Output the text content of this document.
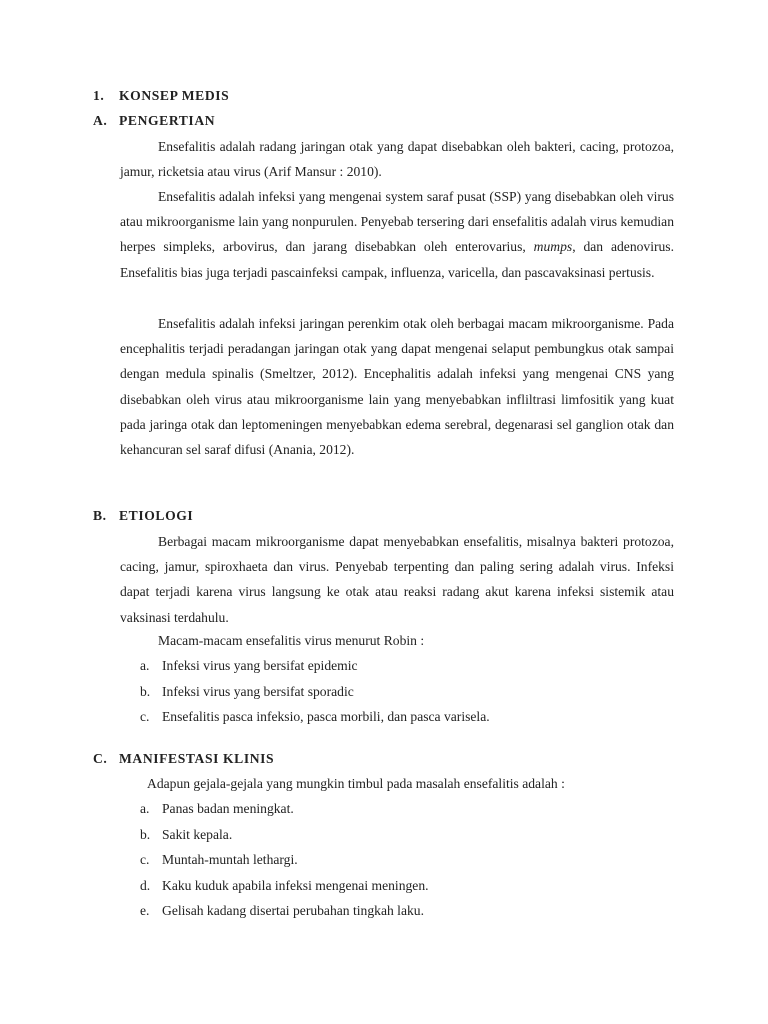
1. KONSEP MEDIS
A. PENGERTIAN

Ensefalitis adalah radang jaringan otak yang dapat disebabkan oleh bakteri, cacing, protozoa, jamur, ricketsia atau virus (Arif Mansur : 2010).

Ensefalitis adalah infeksi yang mengenai system saraf pusat (SSP) yang disebabkan oleh virus atau mikroorganisme lain yang nonpurulen. Penyebab tersering dari ensefalitis adalah virus kemudian herpes simpleks, arbovirus, dan jarang disebabkan oleh enterovarius, mumps, dan adenovirus. Ensefalitis bias juga terjadi pascainfeksi campak, influenza, varicella, dan pascavaksinasi pertusis.

Ensefalitis adalah infeksi jaringan perenkim otak oleh berbagai macam mikroorganisme. Pada encephalitis terjadi peradangan jaringan otak yang dapat mengenai selaput pembungkus otak sampai dengan medula spinalis (Smeltzer, 2012). Encephalitis adalah infeksi yang mengenai CNS yang disebabkan oleh virus atau mikroorganisme lain yang menyebabkan infliltrasi limfositik yang kuat pada jaringa otak dan leptomeningen menyebabkan edema serebral, degenarasi sel ganglion otak dan kehancuran sel saraf difusi (Anania, 2012).

B. ETIOLOGI

Berbagai macam mikroorganisme dapat menyebabkan ensefalitis, misalnya bakteri protozoa, cacing, jamur, spiroxhaeta dan virus. Penyebab terpenting dan paling sering adalah virus. Infeksi dapat terjadi karena virus langsung ke otak atau reaksi radang akut karena infeksi sistemik atau vaksinasi terdahulu.

Macam-macam ensefalitis virus menurut Robin :
a. Infeksi virus yang bersifat epidemic
b. Infeksi virus yang bersifat sporadic
c. Ensefalitis pasca infeksio, pasca morbili, dan pasca varisela.
C. MANIFESTASI KLINIS
Adapun gejala-gejala yang mungkin timbul pada masalah ensefalitis adalah :
a. Panas badan meningkat.
b. Sakit kepala.
c. Muntah-muntah lethargi.
d. Kaku kuduk apabila infeksi mengenai meningen.
e. Gelisah kadang disertai perubahan tingkah laku.
